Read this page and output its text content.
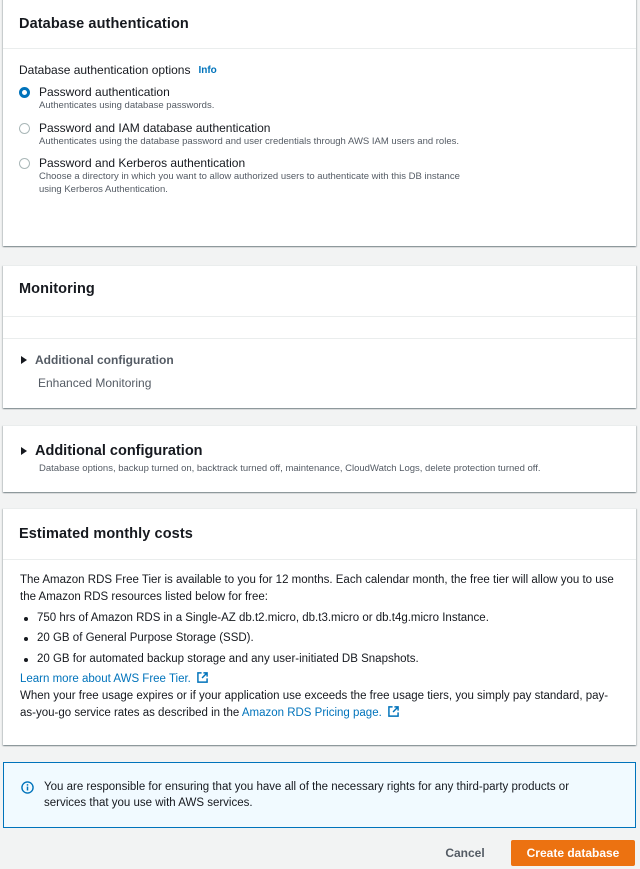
Database authentication
Database authentication options Info
Password authentication
Authenticates using database passwords.
Password and IAM database authentication
Authenticates using the database password and user credentials through AWS IAM users and roles.
Password and Kerberos authentication
Choose a directory in which you want to allow authorized users to authenticate with this DB instance using Kerberos Authentication.
Monitoring
Additional configuration
Enhanced Monitoring
Additional configuration
Database options, backup turned on, backtrack turned off, maintenance, CloudWatch Logs, delete protection turned off.
Estimated monthly costs

The Amazon RDS Free Tier is available to you for 12 months. Each calendar month, the free tier will allow you to use the Amazon RDS resources listed below for free:

750 hrs of Amazon RDS in a Single-AZ db.t2.micro, db.t3.micro or db.t4g.micro Instance.
20 GB of General Purpose Storage (SSD).
20 GB for automated backup storage and any user-initiated DB Snapshots.

Learn more about AWS Free Tier.

When your free usage expires or if your application use exceeds the free usage tiers, you simply pay standard, pay-as-you-go service rates as described in the Amazon RDS Pricing page.

You are responsible for ensuring that you have all of the necessary rights for any third-party products or services that you use with AWS services.
Cancel	Create database
